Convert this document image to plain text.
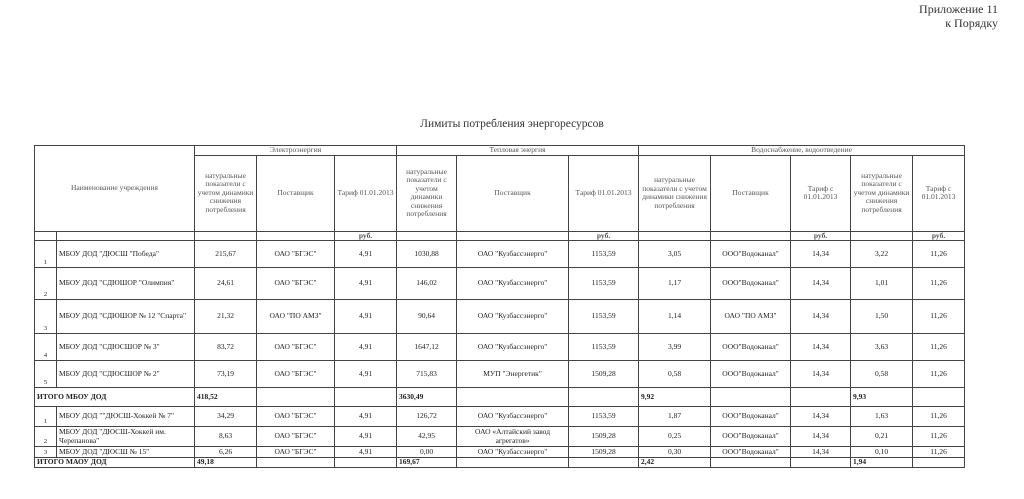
Приложение 11
к Порядку
Лимиты потребления энергоресурсов
Наименование учреждения		Электроэнергия			Тепловая энергия			Водоснабжение, водоотведение				
		натуральные показатели с учетом динамики снижения потребления	Поставщик	Тариф 01.01.2013	натуральные показатели с учетом динамики снижения потребления	Поставщик	Тариф 01.01.2013	натуральные показатели с учетом динамики снижения потребления	Поставщик	Тариф с 01.01.2013	натуральные показатели с учетом динамики снижения потребления	Тариф с 01.01.2013
				руб.			руб.			руб.		руб.
1	МБОУ ДОД "ДЮСШ "Победа"	215,67	ОАО "БГЭС"	4,91	1030,88	ОАО "Кузбассэнерго"	1153,59	3,05	ООО"Водоканал"	14,34	3,22	11,26
2	МБОУ ДОД "СДЮШОР "Олимпия"	24,61	ОАО "БГЭС"	4,91	146,02	ОАО "Кузбассэнерго"	1153,59	1,17	ООО"Водоканал"	14,34	1,01	11,26
3	МБОУ ДОД "СДЮШОР № 12 "Спарта"	21,32	ОАО "ПО АМЗ"	4,91	90,64	ОАО "Кузбассэнерго"	1153,59	1,14	ОАО "ПО АМЗ"	14,34	1,50	11,26
4	МБОУ ДОД "СДЮСШОР № 3"	83,72	ОАО "БГЭС"	4,91	1647,12	ОАО "Кузбассэнерго"	1153,59	3,99	ООО"Водоканал"	14,34	3,63	11,26
5	МБОУ ДОД "СДЮСШОР № 2"	73,19	ОАО "БГЭС"	4,91	715,83	МУП "Энергетик"	1509,28	0,58	ООО"Водоканал"	14,34	0,58	11,26
ИТОГО МБОУ ДОД		418,52			3630,49			9,92			9,93	
1	МБОУ ДОД ""ДЮСШ-Хоккей № 7"	34,29	ОАО "БГЭС"	4,91	126,72	ОАО "Кузбассэнерго"	1153,59	1,87	ООО"Водоканал"	14,34	1,63	11,26
2	МБОУ ДОД "ДЮСШ-Хоккей им. Черепанова"	8,63	ОАО "БГЭС"	4,91	42,95	ОАО «Алтайский завод агрегатов»	1509,28	0,25	ООО"Водоканал"	14,34	0,21	11,26
3	МБОУ ДОД "ДЮСШ № 15"	6,26	ОАО "БГЭС"	4,91	0,00	ОАО "Кузбассэнерго"	1509,28	0,30	ООО"Водоканал"	14,34	0,10	11,26
ИТОГО МАОУ ДОД		49,18			169,67			2,42			1,94	
